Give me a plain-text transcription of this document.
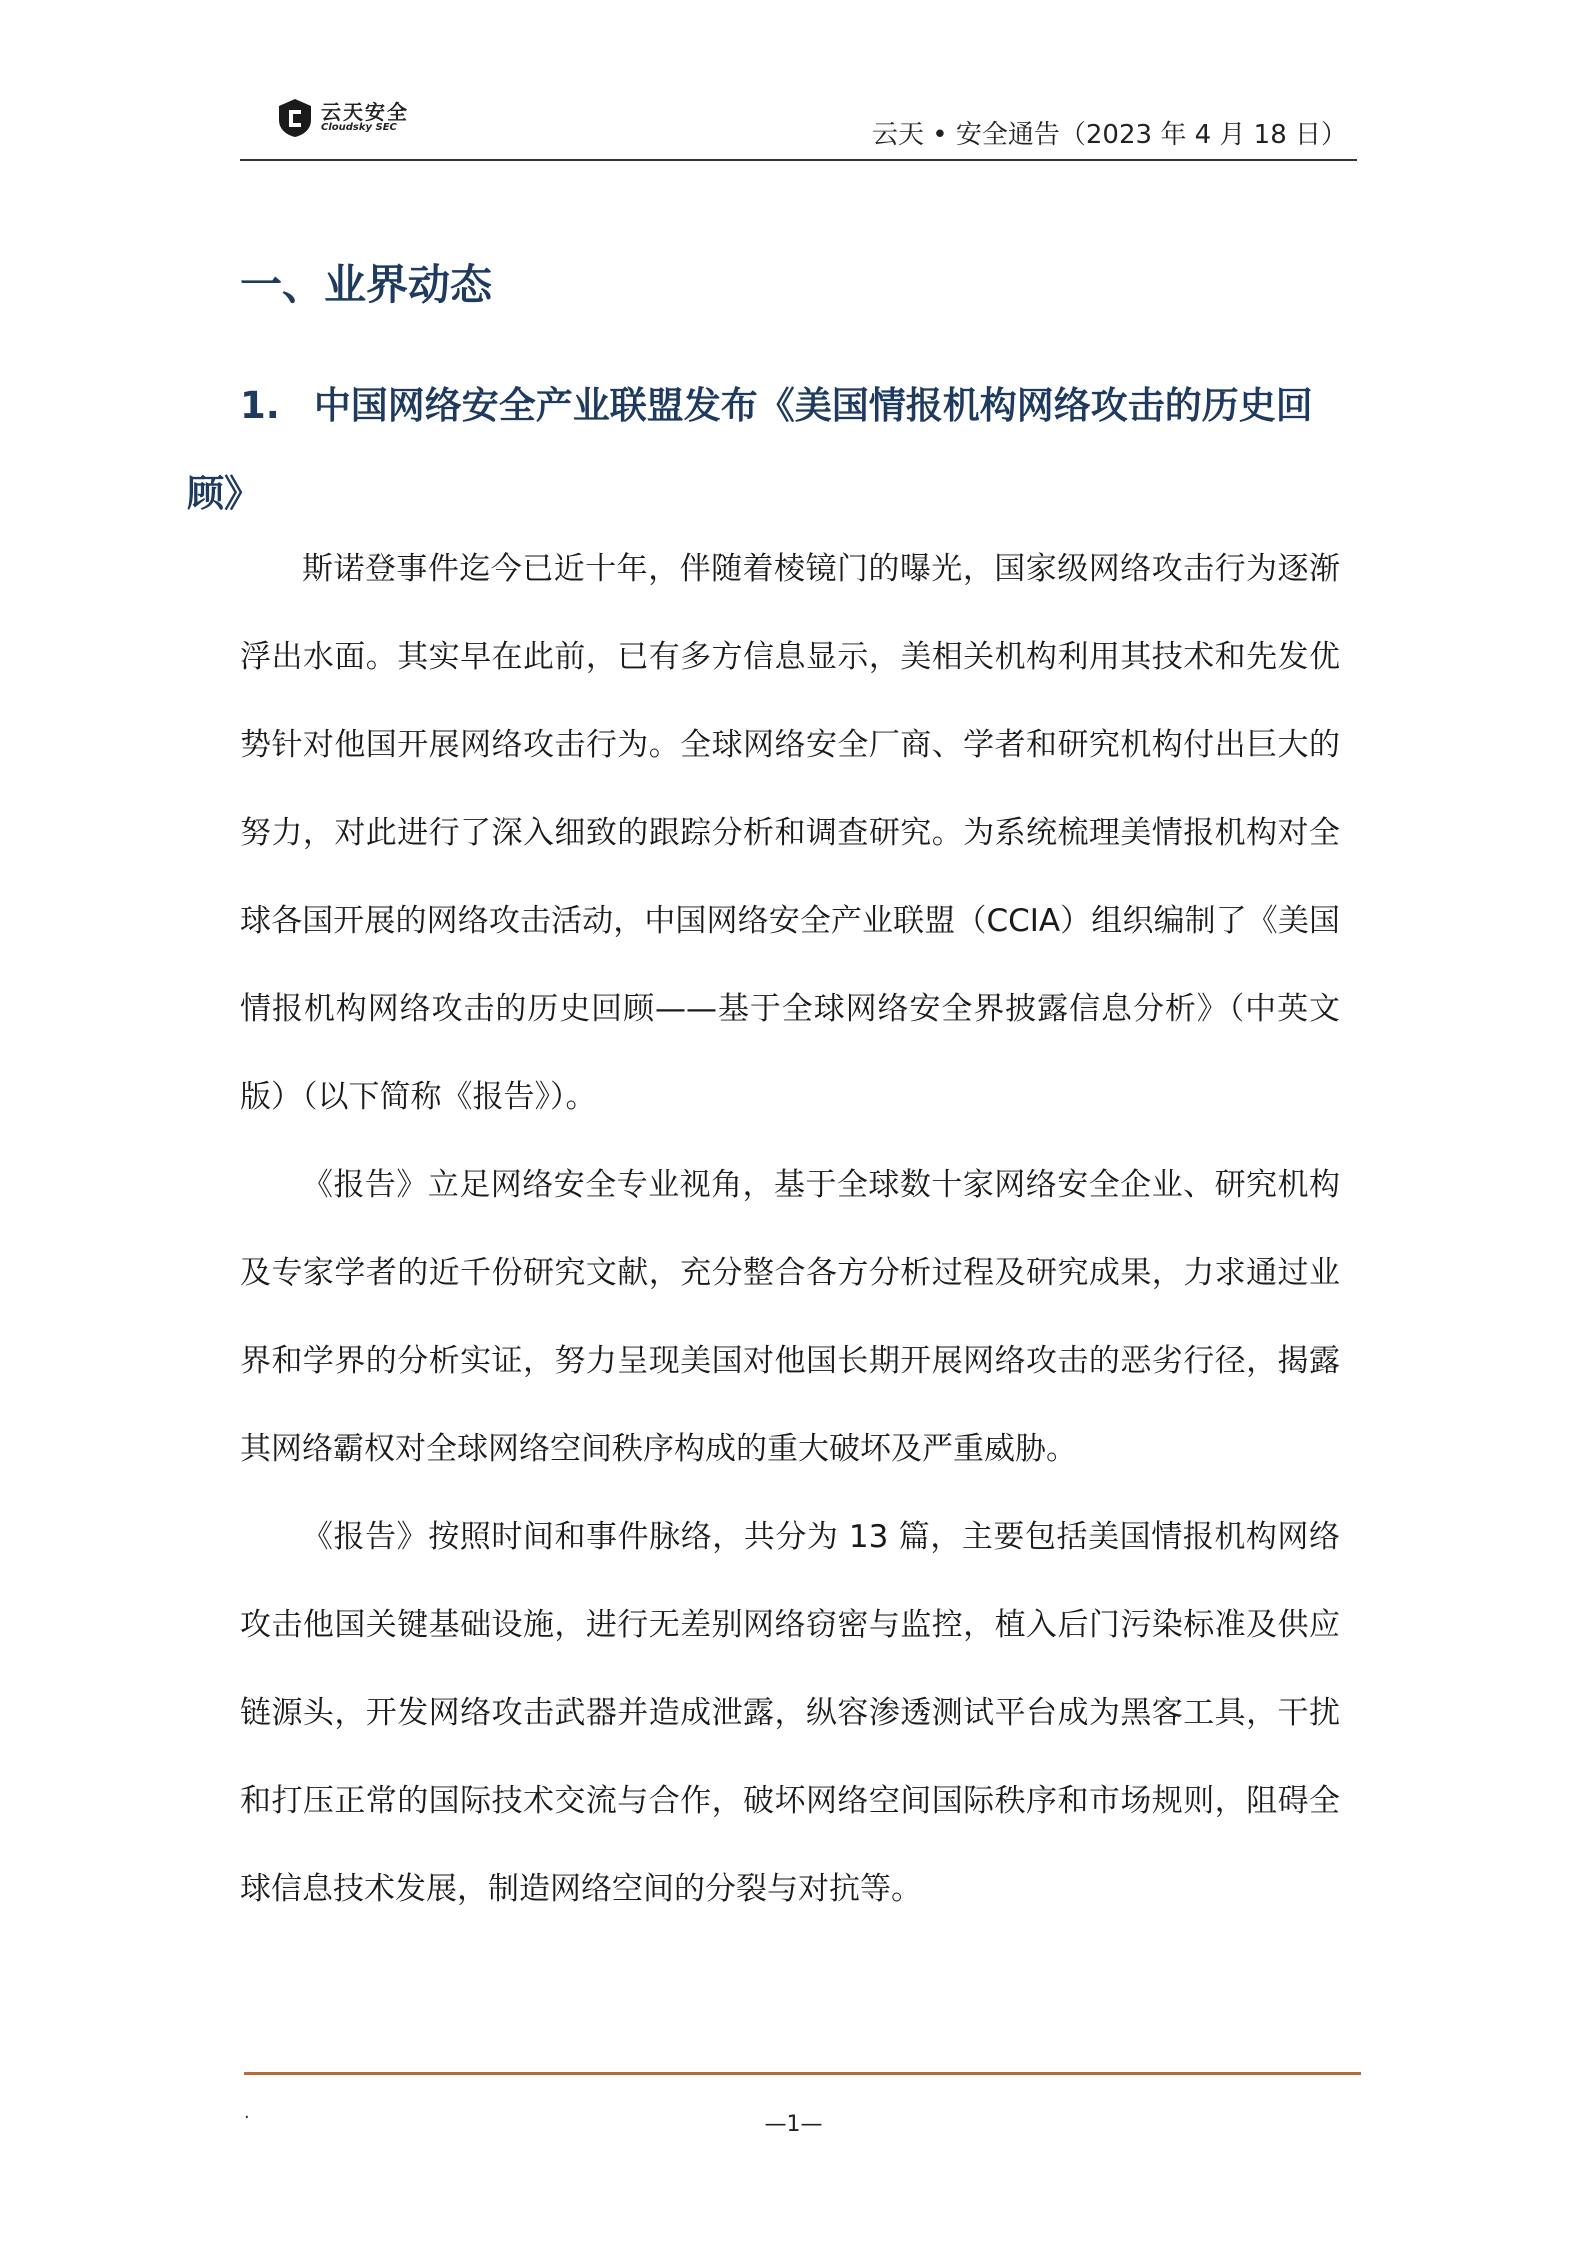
云天安全
Cloudsky SEC	云天 • 安全通告（2023 年 4 月 18 日）
一、业界动态
1. 中国网络安全产业联盟发布《美国情报机构网络攻击的历史回顾》

斯诺登事件迄今已近十年，伴随着棱镜门的曝光，国家级网络攻击行为逐渐浮出水面。其实早在此前，已有多方信息显示，美相关机构利用其技术和先发优势针对他国开展网络攻击行为。全球网络安全厂商、学者和研究机构付出巨大的努力，对此进行了深入细致的跟踪分析和调查研究。为系统梳理美情报机构对全球各国开展的网络攻击活动，中国网络安全产业联盟（CCIA）组织编制了《美国情报机构网络攻击的历史回顾——基于全球网络安全界披露信息分析》（中英文版）（以下简称《报告》）。

《报告》立足网络安全专业视角，基于全球数十家网络安全企业、研究机构及专家学者的近千份研究文献，充分整合各方分析过程及研究成果，力求通过业界和学界的分析实证，努力呈现美国对他国长期开展网络攻击的恶劣行径，揭露其网络霸权对全球网络空间秩序构成的重大破坏及严重威胁。

《报告》按照时间和事件脉络，共分为 13 篇，主要包括美国情报机构网络攻击他国关键基础设施，进行无差别网络窃密与监控，植入后门污染标准及供应链源头，开发网络攻击武器并造成泄露，纵容渗透测试平台成为黑客工具，干扰和打压正常的国际技术交流与合作，破坏网络空间国际秩序和市场规则，阻碍全球信息技术发展，制造网络空间的分裂与对抗等。

.	—1—
